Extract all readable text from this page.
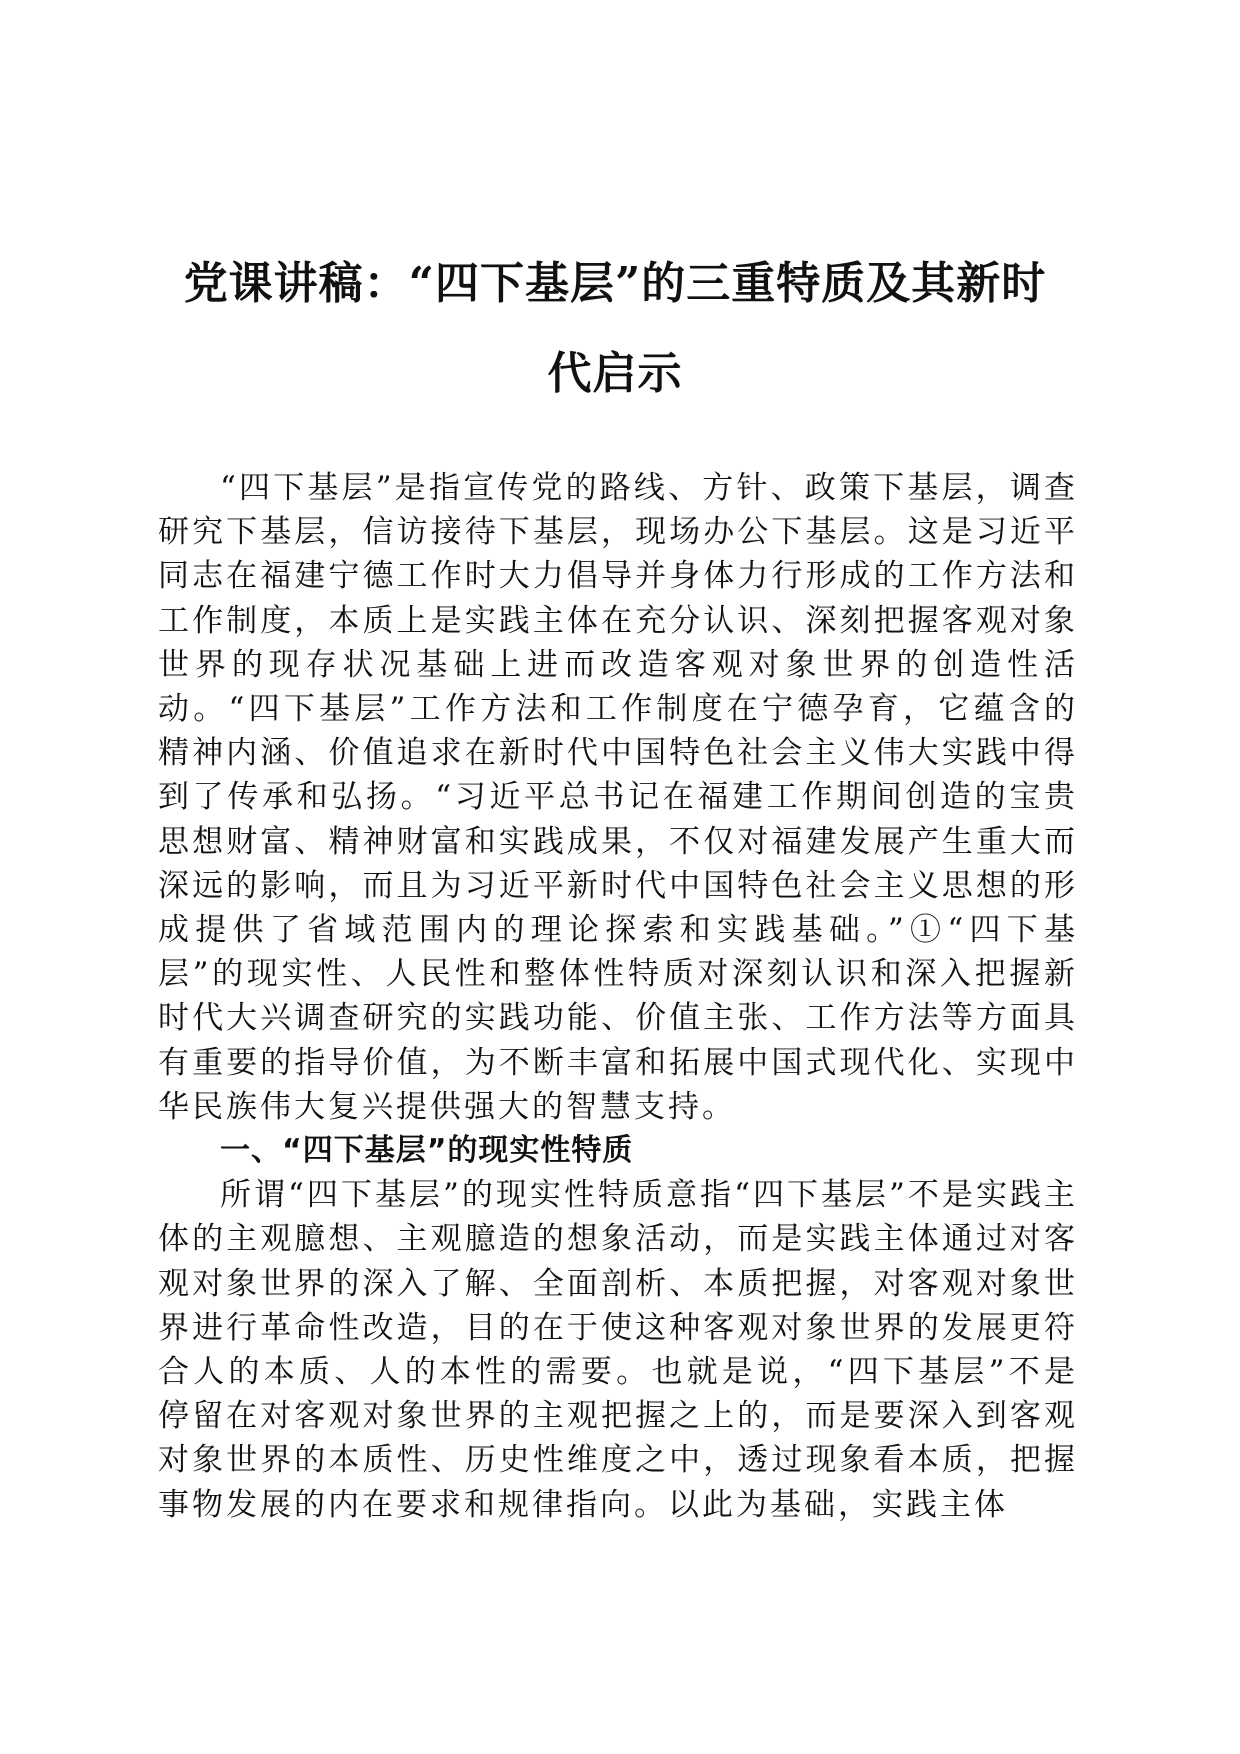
党课讲稿：“四下基层”的三重特质及其新时
代启示

“四下基层”是指宣传党的路线、方针、政策下基层，调查研究下基层，信访接待下基层，现场办公下基层。这是习近平同志在福建宁德工作时大力倡导并身体力行形成的工作方法和工作制度，本质上是实践主体在充分认识、深刻把握客观对象世界的现存状况基础上进而改造客观对象世界的创造性活动。“四下基层”工作方法和工作制度在宁德孕育，它蕴含的精神内涵、价值追求在新时代中国特色社会主义伟大实践中得到了传承和弘扬。“习近平总书记在福建工作期间创造的宝贵思想财富、精神财富和实践成果，不仅对福建发展产生重大而深远的影响，而且为习近平新时代中国特色社会主义思想的形成提供了省域范围内的理论探索和实践基础。”①“四下基层”的现实性、人民性和整体性特质对深刻认识和深入把握新时代大兴调查研究的实践功能、价值主张、工作方法等方面具有重要的指导价值，为不断丰富和拓展中国式现代化、实现中华民族伟大复兴提供强大的智慧支持。

一、“四下基层”的现实性特质

所谓“四下基层”的现实性特质意指“四下基层”不是实践主体的主观臆想、主观臆造的想象活动，而是实践主体通过对客观对象世界的深入了解、全面剖析、本质把握，对客观对象世界进行革命性改造，目的在于使这种客观对象世界的发展更符合人的本质、人的本性的需要。也就是说，“四下基层”不是停留在对客观对象世界的主观把握之上的，而是要深入到客观对象世界的本质性、历史性维度之中，透过现象看本质，把握事物发展的内在要求和规律指向。以此为基础，实践主体
